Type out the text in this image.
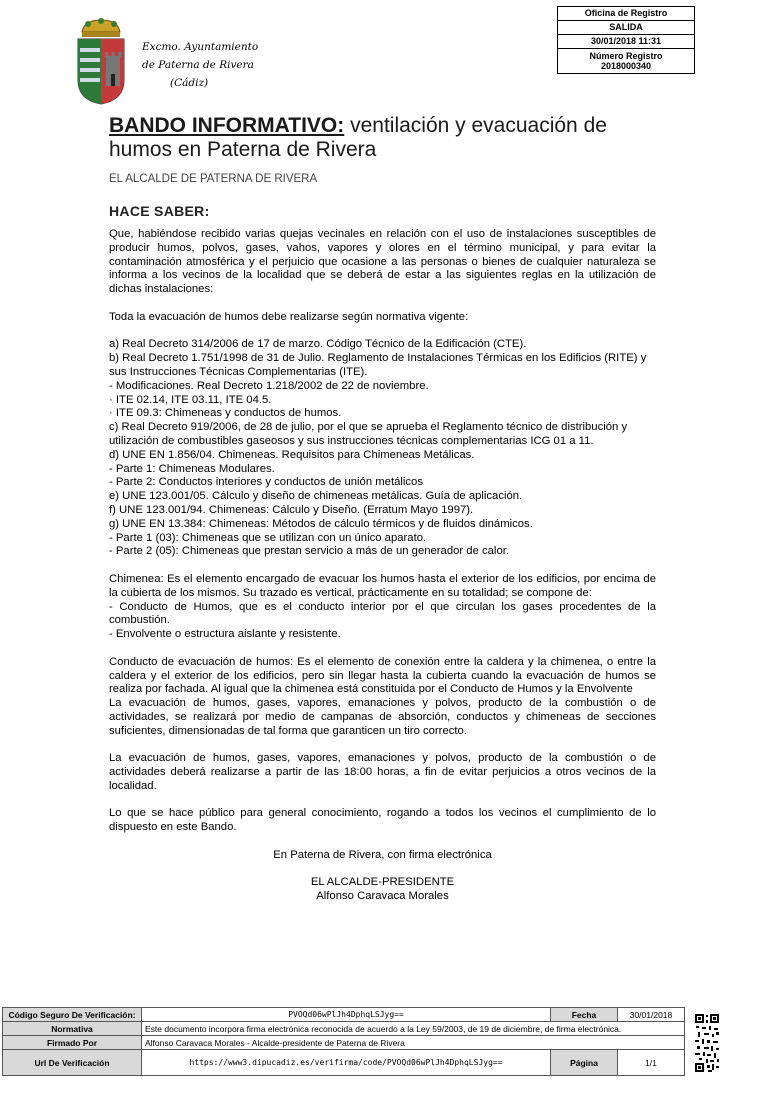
Excmo. Ayuntamiento
de Paterna de Rivera
(Cádiz)
Oficina de Registro
SALIDA
30/01/2018 11:31
Número Registro
2018000340
BANDO INFORMATIVO: ventilación y evacuación de humos en Paterna de Rivera
EL ALCALDE DE PATERNA DE RIVERA
HACE SABER:

Que, habiéndose recibido varias quejas vecinales en relación con el uso de instalaciones susceptibles de producir humos, polvos, gases, vahos, vapores y olores en el término municipal, y para evitar la contaminación atmosférica y el perjuicio que ocasione a las personas o bienes de cualquier naturaleza se informa a los vecinos de la localidad que se deberá de estar a las siguientes reglas en la utilización de dichas instalaciones:

Toda la evacuación de humos debe realizarse según normativa vigente:

a) Real Decreto 314/2006 de 17 de marzo. Código Técnico de la Edificación (CTE).

b) Real Decreto 1.751/1998 de 31 de Julio. Reglamento de Instalaciones Térmicas en los Edificios (RITE) y

sus Instrucciones Técnicas Complementarias (ITE).

- Modificaciones. Real Decreto 1.218/2002 de 22 de noviembre.

· ITE 02.14, ITE 03.11, ITE 04.5.

· ITE 09.3: Chimeneas y conductos de humos.

c) Real Decreto 919/2006, de 28 de julio, por el que se aprueba el Reglamento técnico de distribución y

utilización de combustibles gaseosos y sus instrucciones técnicas complementarias ICG 01 a 11.

d) UNE EN 1.856/04. Chimeneas. Requisitos para Chimeneas Metálicas.

- Parte 1: Chimeneas Modulares.

- Parte 2: Conductos interiores y conductos de unión metálicos

e) UNE 123.001/05. Cálculo y diseño de chimeneas metálicas. Guía de aplicación.

f) UNE 123.001/94. Chimeneas: Cálculo y Diseño. (Erratum Mayo 1997).

g) UNE EN 13.384: Chimeneas: Métodos de cálculo térmicos y de fluidos dinámicos.

- Parte 1 (03): Chimeneas que se utilizan con un único aparato.

- Parte 2 (05): Chimeneas que prestan servicio a más de un generador de calor.

Chimenea: Es el elemento encargado de evacuar los humos hasta el exterior de los edificios, por encima de la cubierta de los mismos. Su trazado es vertical, prácticamente en su totalidad; se compone de:

- Conducto de Humos, que es el conducto interior por el que circulan los gases procedentes de la combustión.

- Envolvente o estructura aislante y resistente.

Conducto de evacuación de humos: Es el elemento de conexión entre la caldera y la chimenea, o entre la caldera y el exterior de los edificios, pero sin llegar hasta la cubierta cuando la evacuación de humos se realiza por fachada. Al igual que la chimenea está constituida por el Conducto de Humos y la Envolvente

La evacuación de humos, gases, vapores, emanaciones y polvos, producto de la combustión o de actividades, se realizará por medio de campanas de absorción, conductos y chimeneas de secciones suficientes, dimensionadas de tal forma que garanticen un tiro correcto.

La evacuación de humos, gases, vapores, emanaciones y polvos, producto de la combustión o de actividades deberá realizarse a partir de las 18:00 horas, a fin de evitar perjuicios a otros vecinos de la localidad.

Lo que se hace público para general conocimiento, rogando a todos los vecinos el cumplimiento de lo dispuesto en este Bando.

En Paterna de Rivera, con firma electrónica

EL ALCALDE-PRESIDENTE

Alfonso Caravaca Morales

Código Seguro De Verificación:	PVOQd06wPlJh4DphqLSJyg==	Fecha	30/01/2018
Normativa	Este documento incorpora firma electrónica reconocida de acuerdo a la Ley 59/2003, de 19 de diciembre, de firma electrónica.		
Firmado Por	Alfonso Caravaca Morales - Alcalde-presidente de Paterna de Rivera		
Url De Verificación	https://www3.dipucadiz.es/verifirma/code/PVOQd06wPlJh4DphqLSJyg==	Página	1/1
